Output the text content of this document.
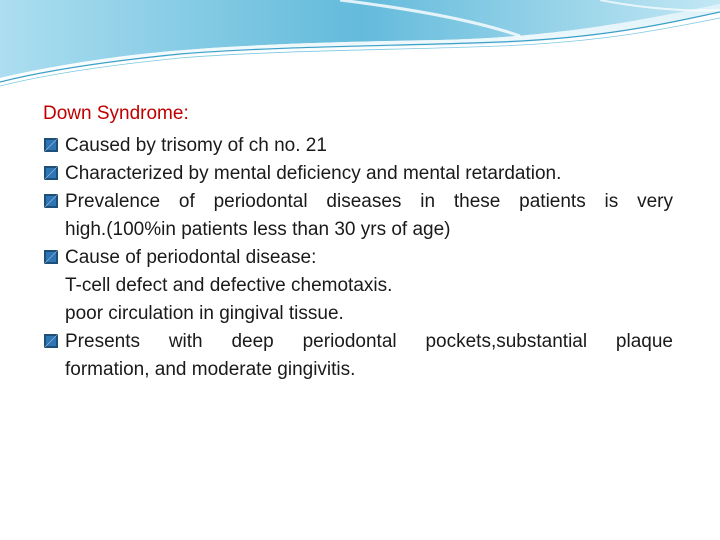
Down Syndrome:
Caused by trisomy of ch no. 21
Characterized by mental deficiency and mental retardation.
Prevalence of periodontal diseases in these patients is very
high.(100%in patients less than 30 yrs of age)
Cause of periodontal disease:
T-cell defect and defective chemotaxis.
poor circulation in gingival tissue.
Presents with deep periodontal pockets,substantial plaque
formation, and moderate gingivitis.
